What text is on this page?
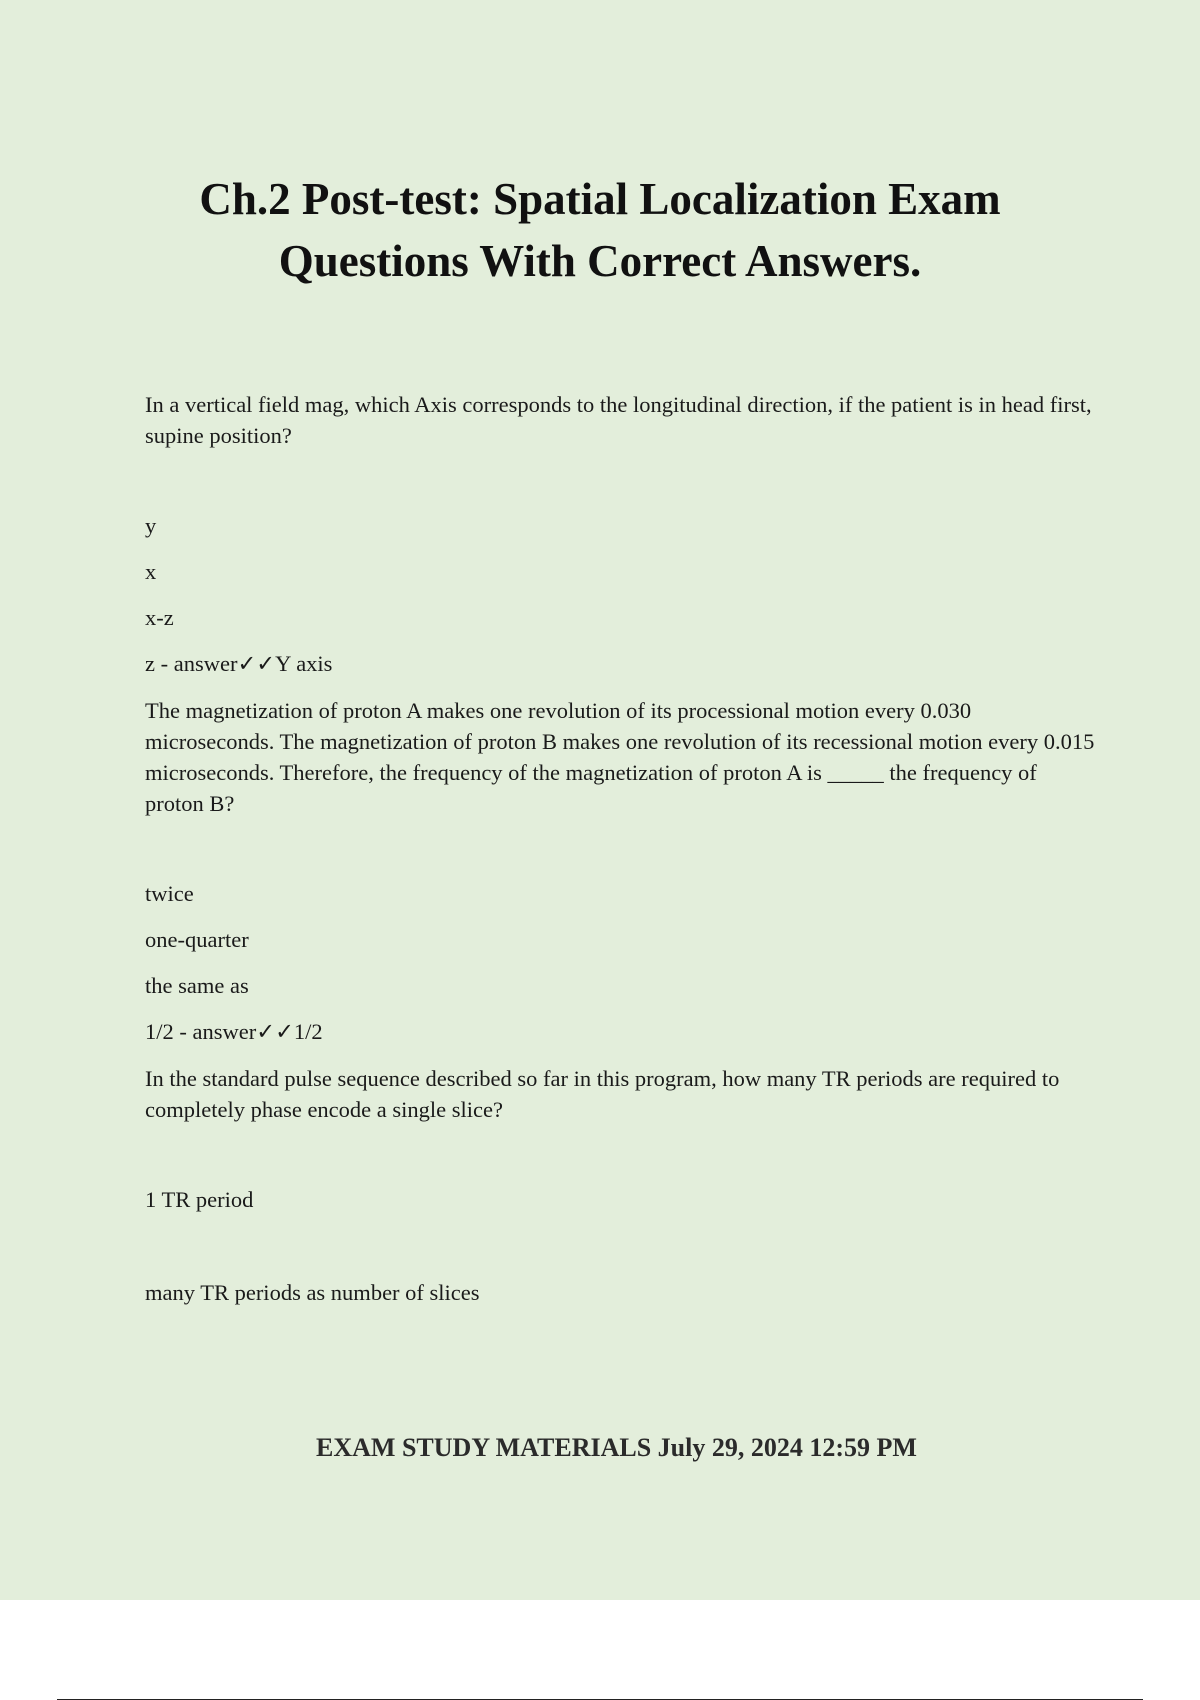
Ch.2 Post-test: Spatial Localization Exam
Questions With Correct Answers.

In a vertical field mag, which Axis corresponds to the longitudinal direction, if the patient is in head first, supine position?

y

x

x-z

z - answer✓✓Y axis

The magnetization of proton A makes one revolution of its processional motion every 0.030 microseconds. The magnetization of proton B makes one revolution of its recessional motion every 0.015 microseconds. Therefore, the frequency of the magnetization of proton A is _____ the frequency of proton B?

twice

one-quarter

the same as

1/2 - answer✓✓1/2

In the standard pulse sequence described so far in this program, how many TR periods are required to completely phase encode a single slice?

1 TR period

many TR periods as number of slices

EXAM STUDY MATERIALS July 29, 2024 12:59 PM
